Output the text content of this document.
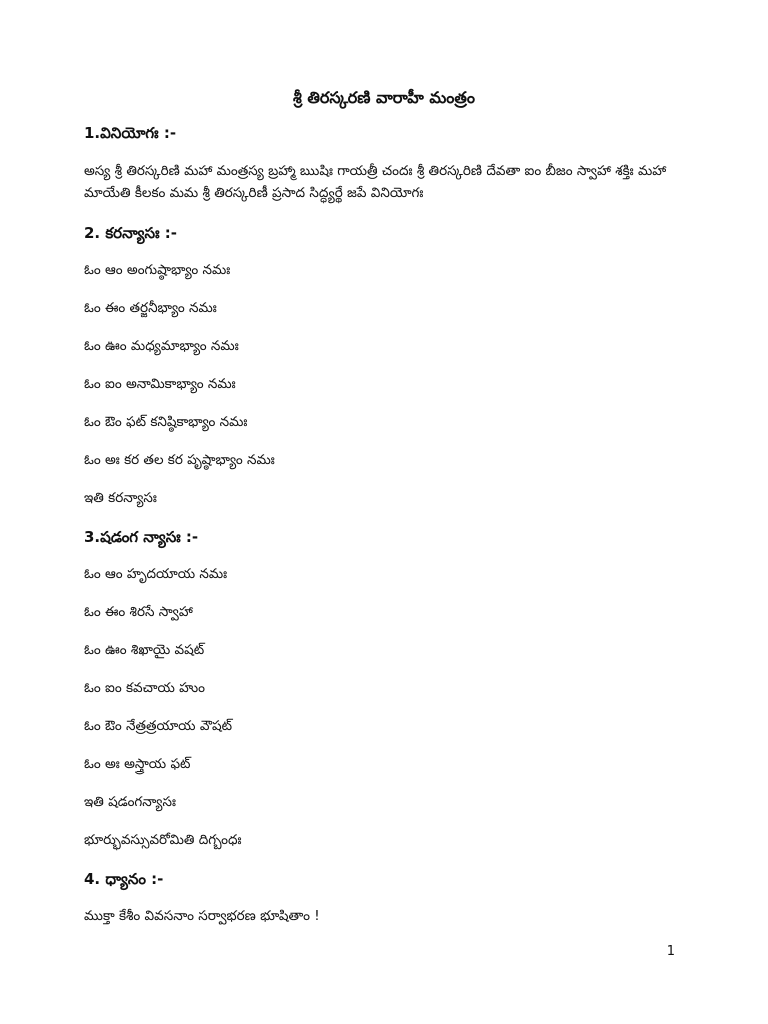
శ్రీ తిరస్కరణి వారాహీ మంత్రం
1.వినియోగః :-
అస్య శ్రీ తిరస్కరిణి మహా మంత్రస్య బ్రహ్మా ఋషిః గాయత్రీ చందః శ్రీ తిరస్కరిణి దేవతా ఐం బీజం స్వాహా శక్తిః మహా మాయేతి కీలకం మమ శ్రీ తిరస్కరిణీ ప్రసాద సిద్ధ్యర్థే జపే వినియోగః
2. కరన్యాసః :-
ఓం ఆం అంగుష్ఠాభ్యాం నమః
ఓం ఈం తర్జనీభ్యాం నమః
ఓం ఊం మధ్యమాభ్యాం నమః
ఓం ఐం అనామికాభ్యాం నమః
ఓం ఔం ఫట్ కనిష్ఠికాభ్యాం నమః
ఓం అః కర తల కర పృష్ఠాభ్యాం నమః
ఇతి కరన్యాసః
3.షడంగ న్యాసః :-
ఓం ఆం హృదయాయ నమః
ఓం ఈం శిరసే స్వాహా
ఓం ఊం శిఖాయై వషట్
ఓం ఐం కవచాయ హుం
ఓం ఔం నేత్రత్రయాయ వౌషట్
ఓం అః అస్త్రాయ ఫట్
ఇతి షడంగన్యాసః
భూర్భువస్సువరోమితి దిగ్బంధః
4. ధ్యానం :-
ముక్తా కేశీం వివసనాం సర్వాభరణ భూషితాం !
1
